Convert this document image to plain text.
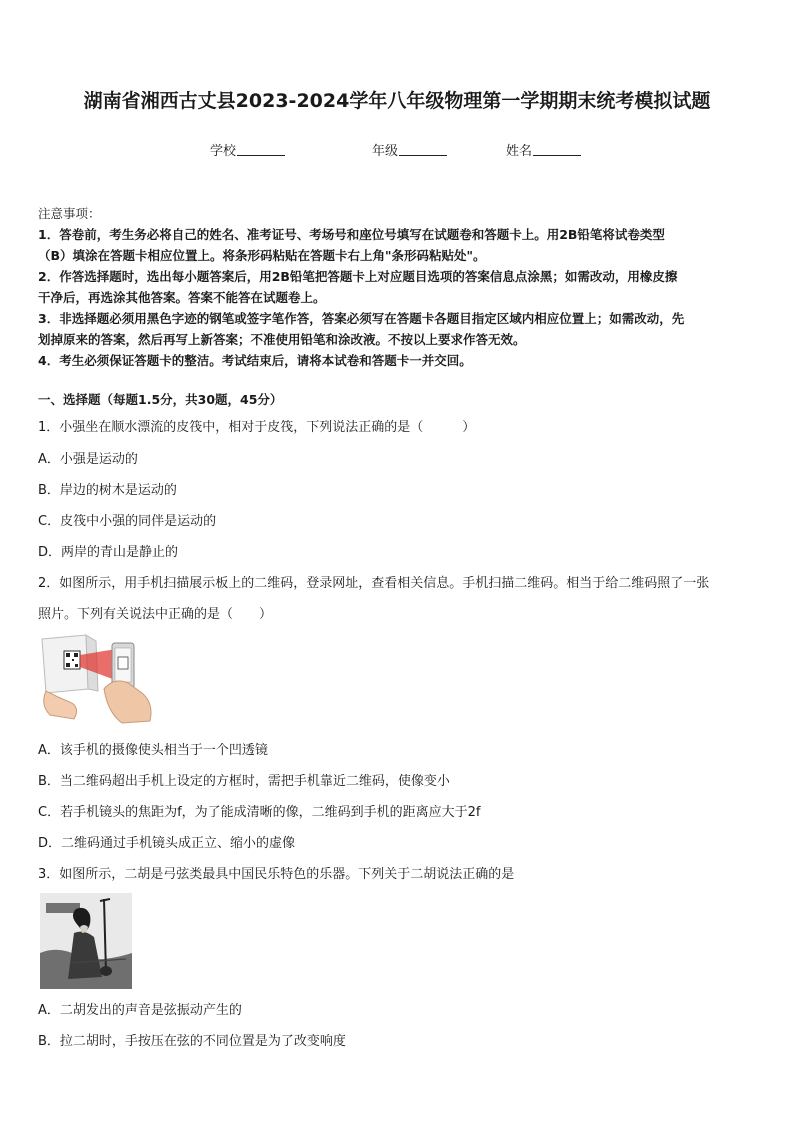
湖南省湘西古丈县2023-2024学年八年级物理第一学期期末统考模拟试题
学校	年级	姓名

注意事项：

1．答卷前，考生务必将自己的姓名、准考证号、考场号和座位号填写在试题卷和答题卡上。用2B铅笔将试卷类型

（B）填涂在答题卡相应位置上。将条形码粘贴在答题卡右上角"条形码粘贴处"。

2．作答选择题时，选出每小题答案后，用2B铅笔把答题卡上对应题目选项的答案信息点涂黑；如需改动，用橡皮擦

干净后，再选涂其他答案。答案不能答在试题卷上。

3．非选择题必须用黑色字迹的钢笔或签字笔作答，答案必须写在答题卡各题目指定区域内相应位置上；如需改动，先

划掉原来的答案，然后再写上新答案；不准使用铅笔和涂改液。不按以上要求作答无效。

4．考生必须保证答题卡的整洁。考试结束后，请将本试卷和答题卡一并交回。

一、选择题（每题1.5分，共30题，45分）
1．小强坐在顺水漂流的皮筏中，相对于皮筏，下列说法正确的是（　　　）
A．小强是运动的
B．岸边的树木是运动的
C．皮筏中小强的同伴是运动的
D．两岸的青山是静止的
2．如图所示，用手机扫描展示板上的二维码，登录网址，查看相关信息。手机扫描二维码。相当于给二维码照了一张
照片。下列有关说法中正确的是（　　）
A．该手机的摄像使头相当于一个凹透镜
B．当二维码超出手机上设定的方框时，需把手机靠近二维码，使像变小
C．若手机镜头的焦距为f，为了能成清晰的像，二维码到手机的距离应大于2f
D．二维码通过手机镜头成正立、缩小的虚像
3．如图所示，二胡是弓弦类最具中国民乐特色的乐器。下列关于二胡说法正确的是
A．二胡发出的声音是弦振动产生的
B．拉二胡时，手按压在弦的不同位置是为了改变响度
